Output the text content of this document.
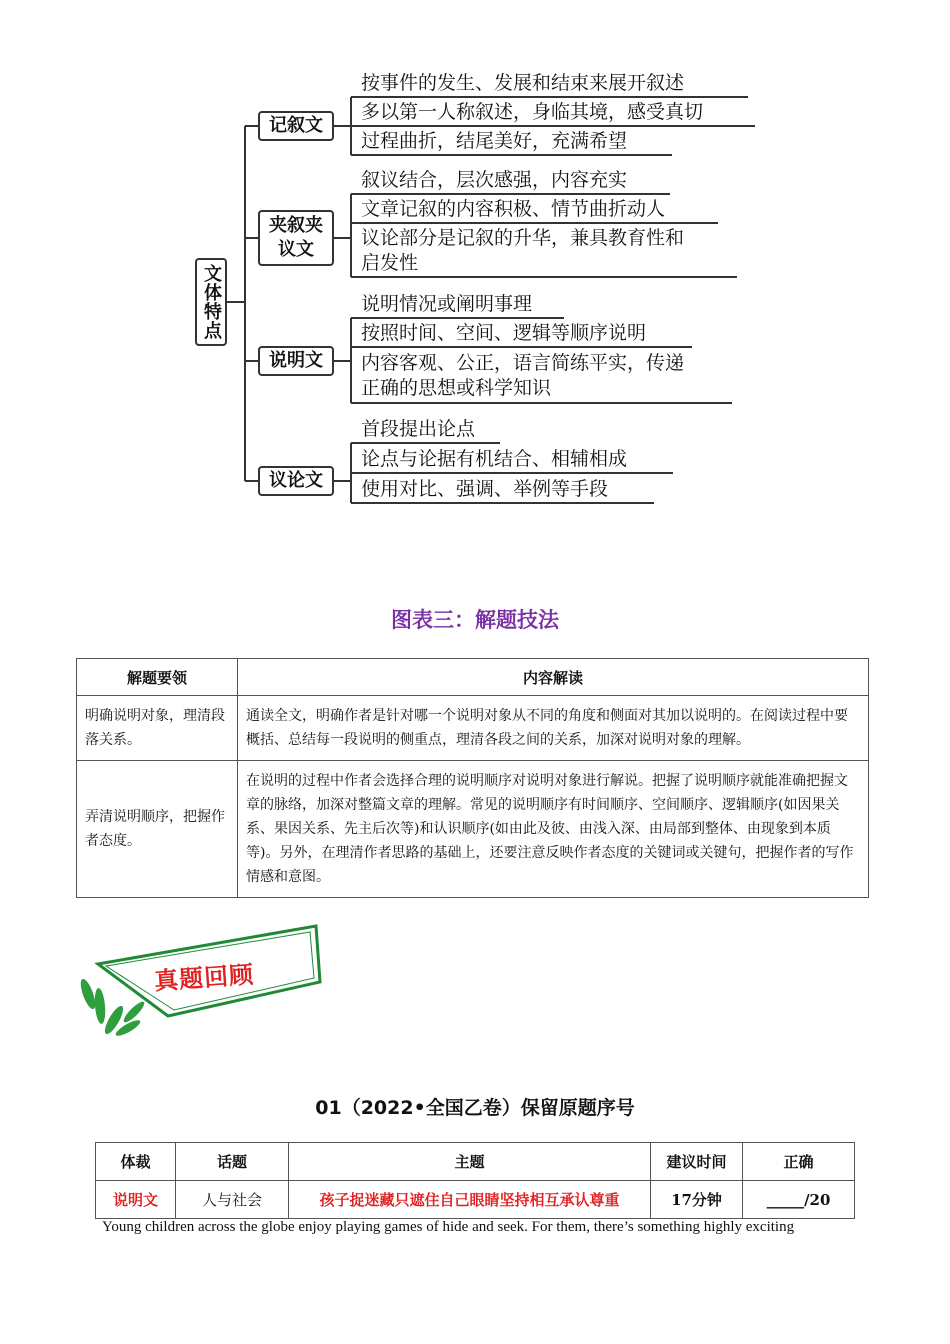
文体特点
记叙文
夹叙夹议文
说明文
议论文
按事件的发生、发展和结束来展开叙述
多以第一人称叙述，身临其境，感受真切
过程曲折，结尾美好，充满希望
叙议结合，层次感强，内容充实
文章记叙的内容积极、情节曲折动人
议论部分是记叙的升华，兼具教育性和
启发性
说明情况或阐明事理
按照时间、空间、逻辑等顺序说明
内容客观、公正，语言简练平实，传递
正确的思想或科学知识
首段提出论点
论点与论据有机结合、相辅相成
使用对比、强调、举例等手段
图表三：解题技法
解题要领	内容解读
明确说明对象，理清段落关系。	通读全文，明确作者是针对哪一个说明对象从不同的角度和侧面对其加以说明的。在阅读过程中要概括、总结每一段说明的侧重点，理清各段之间的关系，加深对说明对象的理解。
弄清说明顺序，把握作者态度。	在说明的过程中作者会选择合理的说明顺序对说明对象进行解说。把握了说明顺序就能准确把握文章的脉络，加深对整篇文章的理解。常见的说明顺序有时间顺序、空间顺序、逻辑顺序(如因果关系、果因关系、先主后次等)和认识顺序(如由此及彼、由浅入深、由局部到整体、由现象到本质等)。另外，在理清作者思路的基础上，还要注意反映作者态度的关键词或关键句，把握作者的写作情感和意图。
真题回顾
01（2022•全国乙卷）保留原题序号
体裁	话题	主题	建议时间	正确
说明文	人与社会	孩子捉迷藏只遮住自己眼睛坚持相互承认尊重	17分钟	_____/20
Young children across the globe enjoy playing games of hide and seek. For them, there’s something highly exciting
